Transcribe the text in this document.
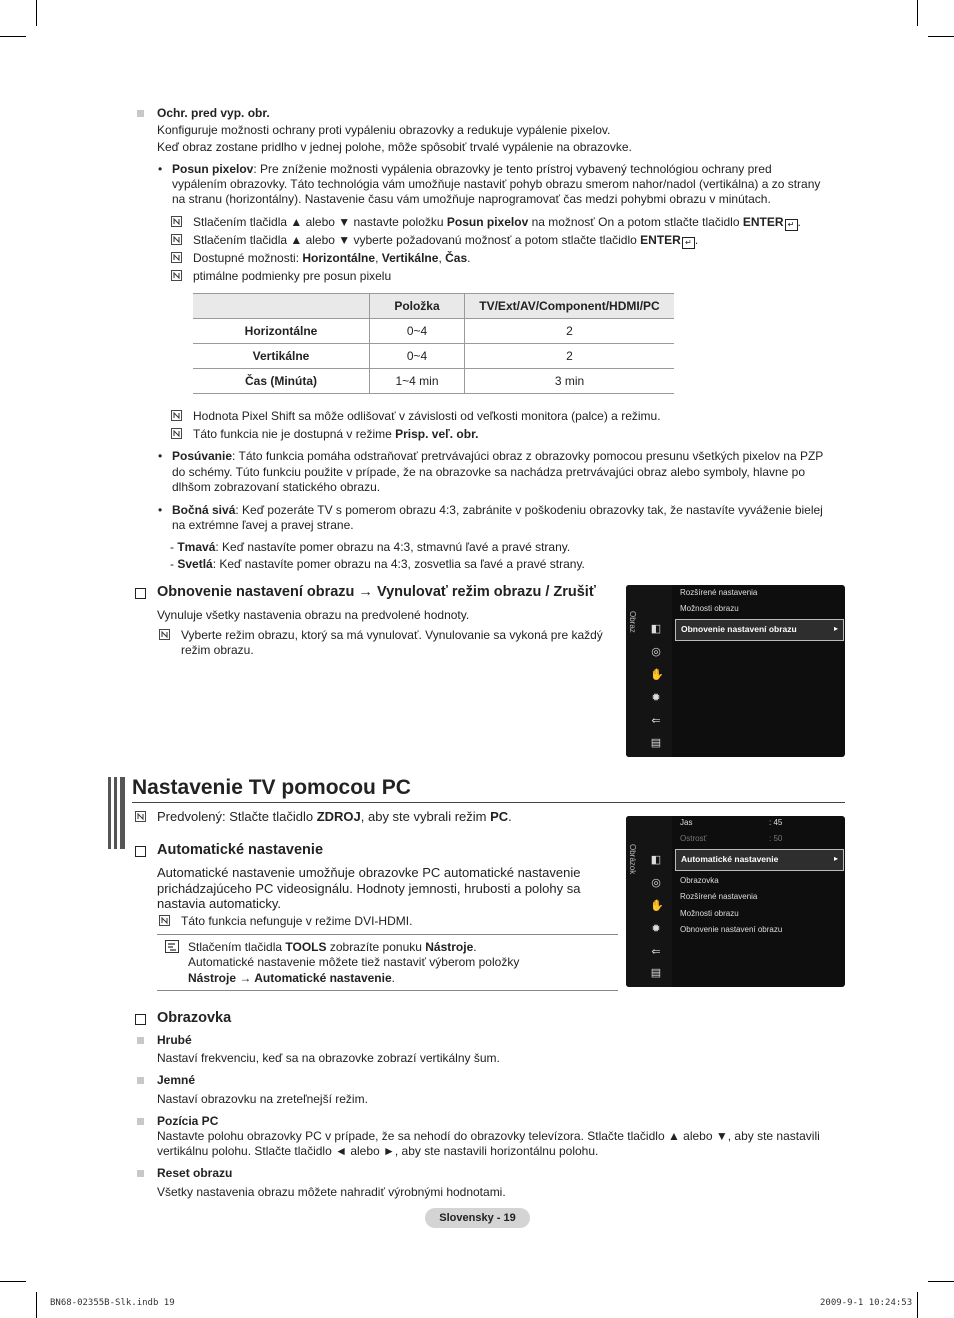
Ochr. pred vyp. obr.
Konfiguruje možnosti ochrany proti vypáleniu obrazovky a redukuje vypálenie pixelov.
Keď obraz zostane pridlho v jednej polohe, môže spôsobiť trvalé vypálenie na obrazovke.
• Posun pixelov: Pre zníženie možnosti vypálenia obrazovky je tento prístroj vybavený technológiou ochrany pred
vypálením obrazovky. Táto technológia vám umožňuje nastaviť pohyb obrazu smerom nahor/nadol (vertikálna) a zo strany
na stranu (horizontálny). Nastavenie času vám umožňuje naprogramovať čas medzi pohybmi obrazu v minútach.
Stlačením tlačidla ▲ alebo ▼ nastavte položku Posun pixelov na možnosť On a potom stlačte tlačidlo ENTER ↵ .
Stlačením tlačidla ▲ alebo ▼ vyberte požadovanú možnosť a potom stlačte tlačidlo ENTER ↵ .
Dostupné možnosti: Horizontálne, Vertikálne, Čas.
ptimálne podmienky pre posun pixelu
	Položka	TV/Ext/AV/Component/HDMI/PC
Horizontálne	0~4	2
Vertikálne	0~4	2
Čas (Minúta)	1~4 min	3 min
Hodnota Pixel Shift sa môže odlišovať v závislosti od veľkosti monitora (palce) a režimu.
Táto funkcia nie je dostupná v režime Prisp. veľ. obr.
• Posúvanie: Táto funkcia pomáha odstraňovať pretrvávajúci obraz z obrazovky pomocou presunu všetkých pixelov na PZP
do schémy. Túto funkciu použite v prípade, že na obrazovke sa nachádza pretrvávajúci obraz alebo symboly, hlavne po
dlhšom zobrazovaní statického obrazu.
• Bočná sivá: Keď pozeráte TV s pomerom obrazu 4:3, zabránite v poškodeniu obrazovky tak, že nastavíte vyváženie bielej
na extrémne ľavej a pravej strane.
- Tmavá: Keď nastavíte pomer obrazu na 4:3, stmavnú ľavé a pravé strany.
- Svetlá: Keď nastavíte pomer obrazu na 4:3, zosvetlia sa ľavé a pravé strany.
Obnovenie nastavení obrazu → Vynulovať režim obrazu / Zrušiť
Vynuluje všetky nastavenia obrazu na predvolené hodnoty.
Vyberte režim obrazu, ktorý sa má vynulovať. Vynulovanie sa vykoná pre každý
režim obrazu.
Obraz ◧
◎
✋
✹
⇐
▤
Rozšírené nastavenia
Možnosti obrazu
Obnovenie nastavení obrazu	▸
Nastavenie TV pomocou PC
Predvolený: Stlačte tlačidlo ZDROJ, aby ste vybrali režim PC.
Automatické nastavenie
Automatické nastavenie umožňuje obrazovke PC automatické nastavenie
prichádzajúceho PC videosignálu. Hodnoty jemnosti, hrubosti a polohy sa
nastavia automaticky.
Táto funkcia nefunguje v režime DVI-HDMI.
Stlačením tlačidla TOOLS zobrazíte ponuku Nástroje.
Automatické nastavenie môžete tiež nastaviť výberom položky
Nástroje → Automatické nastavenie.
Obrázok ◧
◎
✋
✹
⇐
▤
Jas	: 45
Ostrosť	: 50
Automatické nastavenie	▸
Obrazovka
Rozšírené nastavenia
Možnosti obrazu
Obnovenie nastavení obrazu
Obrazovka
Hrubé
Nastaví frekvenciu, keď sa na obrazovke zobrazí vertikálny šum.
Jemné
Nastaví obrazovku na zreteľnejší režim.
Pozícia PC
Nastavte polohu obrazovky PC v prípade, že sa nehodí do obrazovky televízora. Stlačte tlačidlo ▲ alebo ▼, aby ste nastavili
vertikálnu polohu. Stlačte tlačidlo ◄ alebo ►, aby ste nastavili horizontálnu polohu.
Reset obrazu
Všetky nastavenia obrazu môžete nahradiť výrobnými hodnotami.
Slovensky - 19
BN68-02355B-Slk.indb 19	2009-9-1 10:24:53
